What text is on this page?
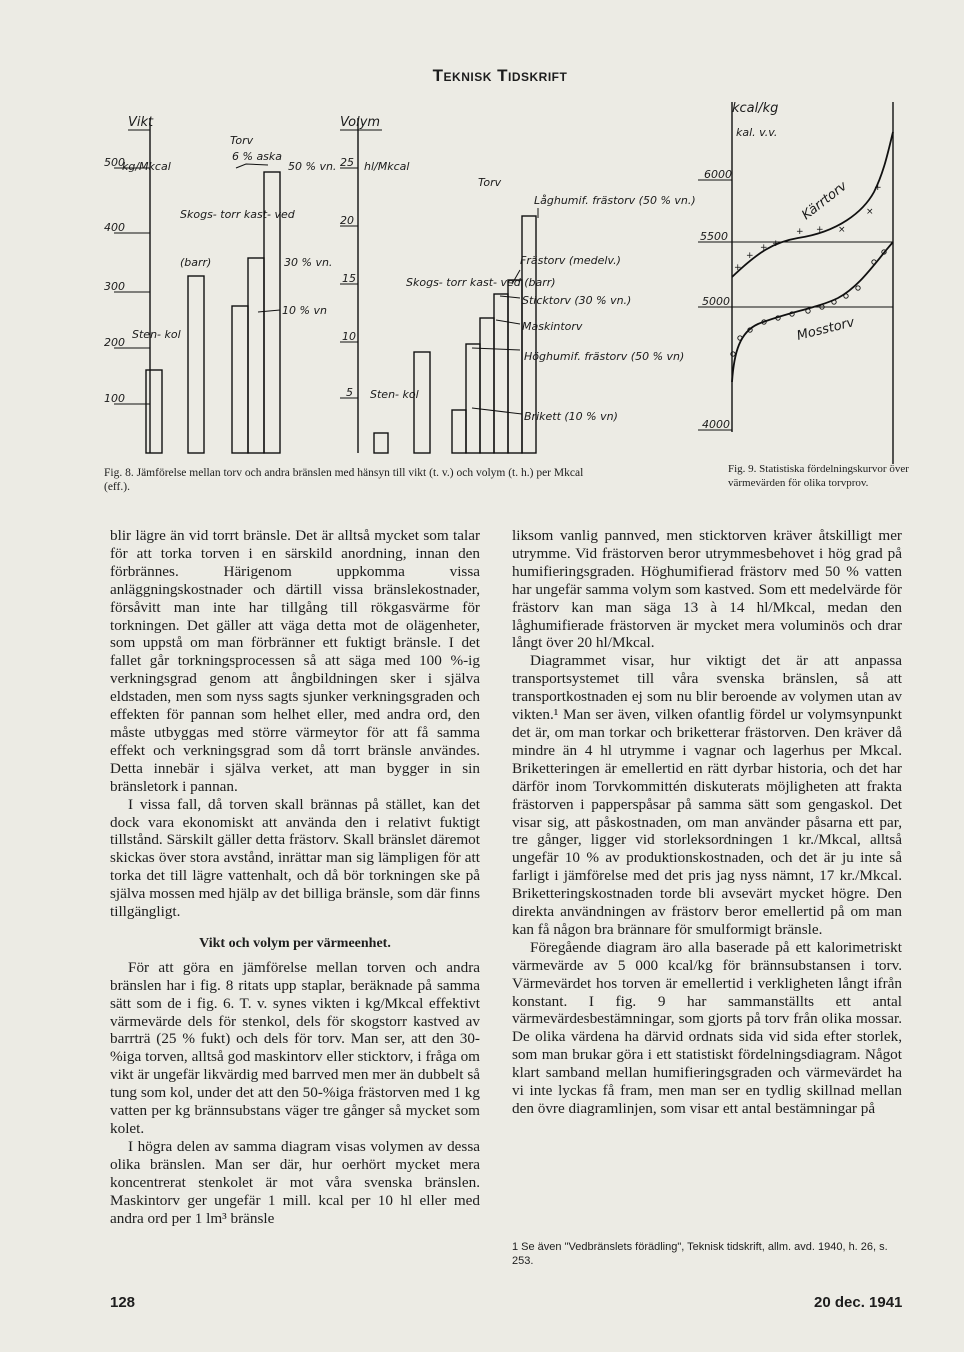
Teknisk Tidskrift
Vikt
kg/Mkcal
500
400
300
200
100
Sten- kol
Skogs- torr kast- ved
(barr)
Torv
6 % aska
50 % vn.
30 % vn.
10 % vn
Volym
hl/Mkcal
25
20
15
10
5 Sten- kol
Skogs- torr kast- ved (barr)
Torv
Låghumif. frästorv (50 % vn.)
Frästorv (medelv.)
Sticktorv (30 % vn.)
Maskintorv
Höghumif. frästorv (50 % vn)
Brikett (10 % vn)
Fig. 8. Jämförelse mellan torv och andra bränslen med hänsyn till vikt (t. v.) och volym (t. h.) per Mkcal (eff.).
kcal/kg
kal. v.v.
6000
5500
5000
4000
+
+
+ +
+ + ×
×
+
Kärrtorv
Mosstorv
Fig. 9. Statistiska fördelningskurvor över värmevärden för olika torvprov.

blir lägre än vid torrt bränsle. Det är alltså mycket som talar för att torka torven i en särskild anordning, innan den förbrännes. Härigenom uppkomma vissa anläggningskostnader och därtill vissa bränslekostnader, försåvitt man inte har tillgång till rökgasvärme för torkningen. Det gäller att väga detta mot de olägenheter, som uppstå om man förbränner ett fuktigt bränsle. I det fallet går torkningsprocessen så att säga med 100 %-ig verkningsgrad genom att ångbildningen sker i själva eldstaden, men som nyss sagts sjunker verkningsgraden och effekten för pannan som helhet eller, med andra ord, den måste utbyggas med större värmeytor för att få samma effekt och verkningsgrad som då torrt bränsle användes. Detta innebär i själva verket, att man bygger in sin bränsletork i pannan.

I vissa fall, då torven skall brännas på stället, kan det dock vara ekonomiskt att använda den i relativt fuktigt tillstånd. Särskilt gäller detta frästorv. Skall bränslet däremot skickas över stora avstånd, inrättar man sig lämpligen för att torka det till lägre vattenhalt, och då bör torkningen ske på själva mossen med hjälp av det billiga bränsle, som där finns tillgängligt.

Vikt och volym per värmeenhet.

För att göra en jämförelse mellan torven och andra bränslen har i fig. 8 ritats upp staplar, beräknade på samma sätt som de i fig. 6. T. v. synes vikten i kg/Mkcal effektivt värmevärde dels för stenkol, dels för skogstorr kastved av barrträ (25 % fukt) och dels för torv. Man ser, att den 30-%iga torven, alltså god maskintorv eller sticktorv, i fråga om vikt är ungefär likvärdig med barrved men mer än dubbelt så tung som kol, under det att den 50-%iga frästorven med 1 kg vatten per kg brännsubstans väger tre gånger så mycket som kolet.

I högra delen av samma diagram visas volymen av dessa olika bränslen. Man ser där, hur oerhört mycket mera koncentrerat stenkolet är mot våra svenska bränslen. Maskintorv ger ungefär 1 mill. kcal per 10 hl eller med andra ord per 1 lm³ bränsle

liksom vanlig pannved, men sticktorven kräver åtskilligt mer utrymme. Vid frästorven beror utrymmesbehovet i hög grad på humifieringsgraden. Höghumifierad frästorv med 50 % vatten har ungefär samma volym som kastved. Som ett medelvärde för frästorv kan man säga 13 à 14 hl/Mkcal, medan den låghumifierade frästorven är mycket mera voluminös och drar långt över 20 hl/Mkcal.

Diagrammet visar, hur viktigt det är att anpassa transportsystemet till våra svenska bränslen, så att transportkostnaden ej som nu blir beroende av volymen utan av vikten.¹ Man ser även, vilken ofantlig fördel ur volymsynpunkt det är, om man torkar och briketterar frästorven. Den kräver då mindre än 4 hl utrymme i vagnar och lagerhus per Mkcal. Briketteringen är emellertid en rätt dyrbar historia, och det har därför inom Torvkommittén diskuterats möjligheten att frakta frästorven i papperspåsar på samma sätt som gengaskol. Det visar sig, att påskostnaden, om man använder påsarna ett par, tre gånger, ligger vid storleksordningen 1 kr./Mkcal, alltså ungefär 10 % av produktionskostnaden, och det är ju inte så farligt i jämförelse med det pris jag nyss nämnt, 17 kr./Mkcal. Briketteringskostnaden torde bli avsevärt mycket högre. Den direkta användningen av frästorv beror emellertid på om man kan få någon bra brännare för smulformigt bränsle.

Föregående diagram äro alla baserade på ett kalorimetriskt värmevärde av 5 000 kcal/kg för brännsubstansen i torv. Värmevärdet hos torven är emellertid i verkligheten långt ifrån konstant. I fig. 9 har sammanställts ett antal värmevärdesbestämningar, som gjorts på torv från olika mossar. De olika värdena ha därvid ordnats sida vid sida efter storlek, som man brukar göra i ett statistiskt fördelningsdiagram. Något klart samband mellan humifieringsgraden och värmevärdet ha vi inte lyckas få fram, men man ser en tydlig skillnad mellan den övre diagramlinjen, som visar ett antal bestämningar på

1 Se även "Vedbränslets förädling", Teknisk tidskrift, allm. avd. 1940, h. 26, s. 253.
128	20 dec. 1941
